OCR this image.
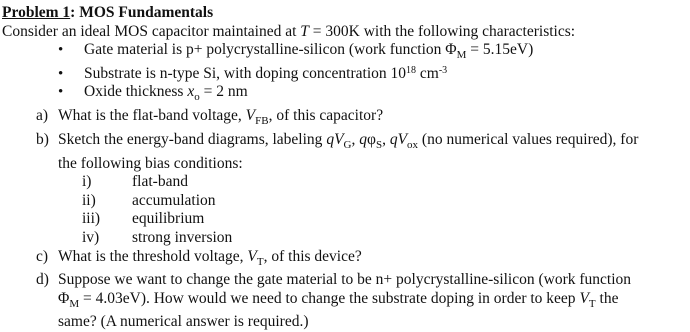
Problem 1: MOS Fundamentals
Consider an ideal MOS capacitor maintained at T = 300K with the following characteristics:
• Gate material is p+ polycrystalline-silicon (work function $\Phi_M = 5.15eV$)
• Substrate is n-type Si, with doping concentration $10^{18}$ $cm^{-3}$
• Oxide thickness $x_o = 2$ nm
a) What is the flat-band voltage, $V_{FB}$, of this capacitor?
b) Sketch the energy-band diagrams, labeling $qV_G$, $q\varphi_S$, $qV_{ox}$ (no numerical values required), for
the following bias conditions:
i)	flat-band
ii) accumulation
iii) equilibrium
iv) strong inversion
c) What is the threshold voltage, $V_T$, of this device?
d) Suppose we want to change the gate material to be n+ polycrystalline-silicon (work function
$\Phi_M = 4.03eV$). How would we need to change the substrate doping in order to keep $V_T$ the
same? (A numerical answer is required.)
